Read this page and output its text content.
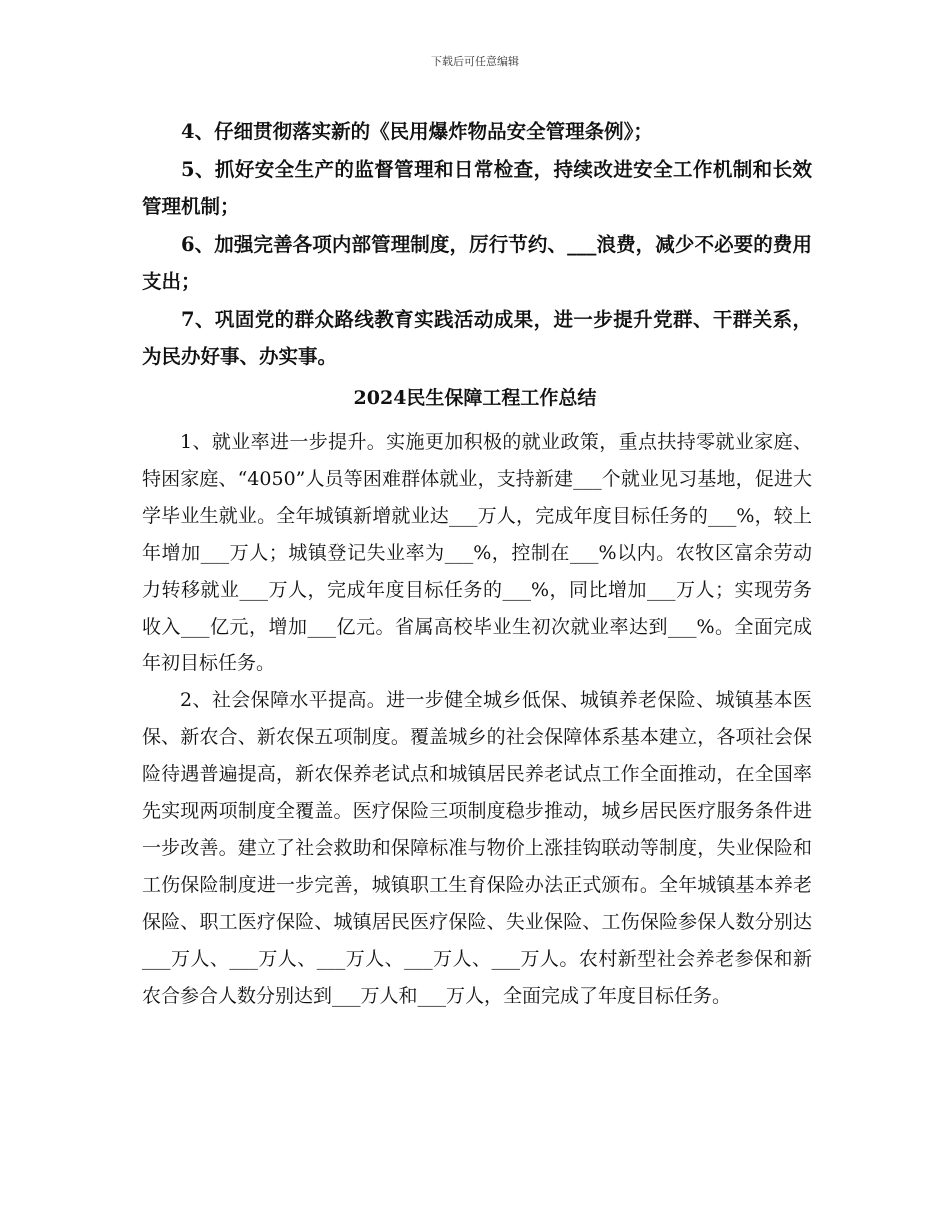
下载后可任意编辑

4、仔细贯彻落实新的《民用爆炸物品安全管理条例》；

5、抓好安全生产的监督管理和日常检查，持续改进安全工作机制和长效管理机制；

6、加强完善各项内部管理制度，厉行节约、___浪费，减少不必要的费用支出；

7、巩固党的群众路线教育实践活动成果，进一步提升党群、干群关系，为民办好事、办实事。

2024民生保障工程工作总结

1、就业率进一步提升。实施更加积极的就业政策，重点扶持零就业家庭、特困家庭、“4050”人员等困难群体就业，支持新建___个就业见习基地，促进大学毕业生就业。全年城镇新增就业达___万人，完成年度目标任务的___%，较上年增加___万人；城镇登记失业率为___%，控制在___%以内。农牧区富余劳动力转移就业___万人，完成年度目标任务的___%，同比增加___万人；实现劳务收入___亿元，增加___亿元。省属高校毕业生初次就业率达到___%。全面完成年初目标任务。

2、社会保障水平提高。进一步健全城乡低保、城镇养老保险、城镇基本医保、新农合、新农保五项制度。覆盖城乡的社会保障体系基本建立，各项社会保险待遇普遍提高，新农保养老试点和城镇居民养老试点工作全面推动，在全国率先实现两项制度全覆盖。医疗保险三项制度稳步推动，城乡居民医疗服务条件进一步改善。建立了社会救助和保障标准与物价上涨挂钩联动等制度，失业保险和工伤保险制度进一步完善，城镇职工生育保险办法正式颁布。全年城镇基本养老保险、职工医疗保险、城镇居民医疗保险、失业保险、工伤保险参保人数分别达___万人、___万人、___万人、___万人、___万人。农村新型社会养老参保和新农合参合人数分别达到___万人和___万人，全面完成了年度目标任务。
